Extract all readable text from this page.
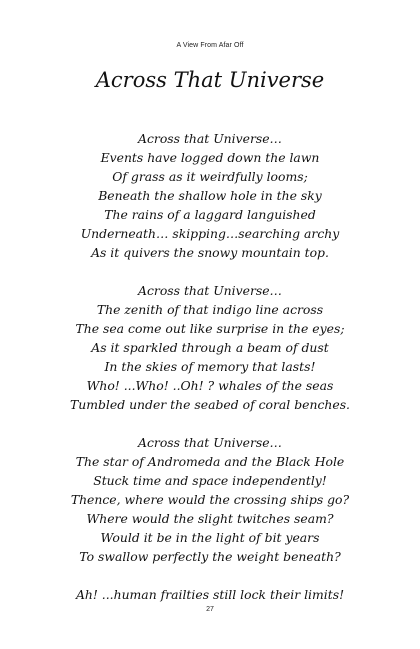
A View From Afar Off
Across That Universe
Across that Universe…
Events have logged down the lawn
Of grass as it weirdfully looms;
Beneath the shallow hole in the sky
The rains of a laggard languished
Underneath… skipping…searching archy
As it quivers the snowy mountain top.
Across that Universe…
The zenith of that indigo line across
The sea come out like surprise in the eyes;
As it sparkled through a beam of dust
In the skies of memory that lasts!
Who! ...Who! ..Oh! ? whales of the seas
Tumbled under the seabed of coral benches.
Across that Universe…
The star of Andromeda and the Black Hole
Stuck time and space independently!
Thence, where would the crossing ships go?
Where would the slight twitches seam?
Would it be in the light of bit years
To swallow perfectly the weight beneath?
Ah! ...human frailties still lock their limits!
27
